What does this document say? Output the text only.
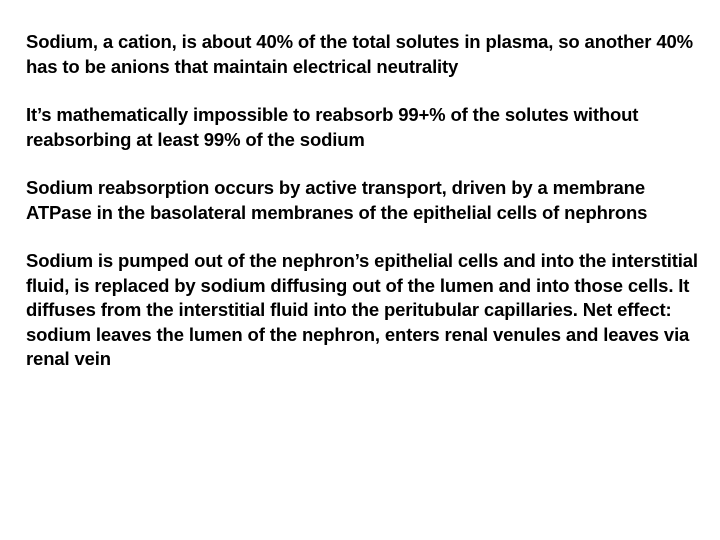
Sodium, a cation, is about 40% of the total solutes in plasma, so another 40% has to be anions that maintain electrical neutrality

It’s mathematically impossible to reabsorb 99+% of the solutes without reabsorbing at least 99% of the sodium

Sodium reabsorption occurs by active transport, driven by a membrane ATPase in the basolateral membranes of the epithelial cells of nephrons

Sodium is pumped out of the nephron’s epithelial cells and into the interstitial fluid, is replaced by sodium diffusing out of the lumen and into those cells. It diffuses from the interstitial fluid into the peritubular capillaries. Net effect: sodium leaves the lumen of the nephron, enters renal venules and leaves via renal vein
